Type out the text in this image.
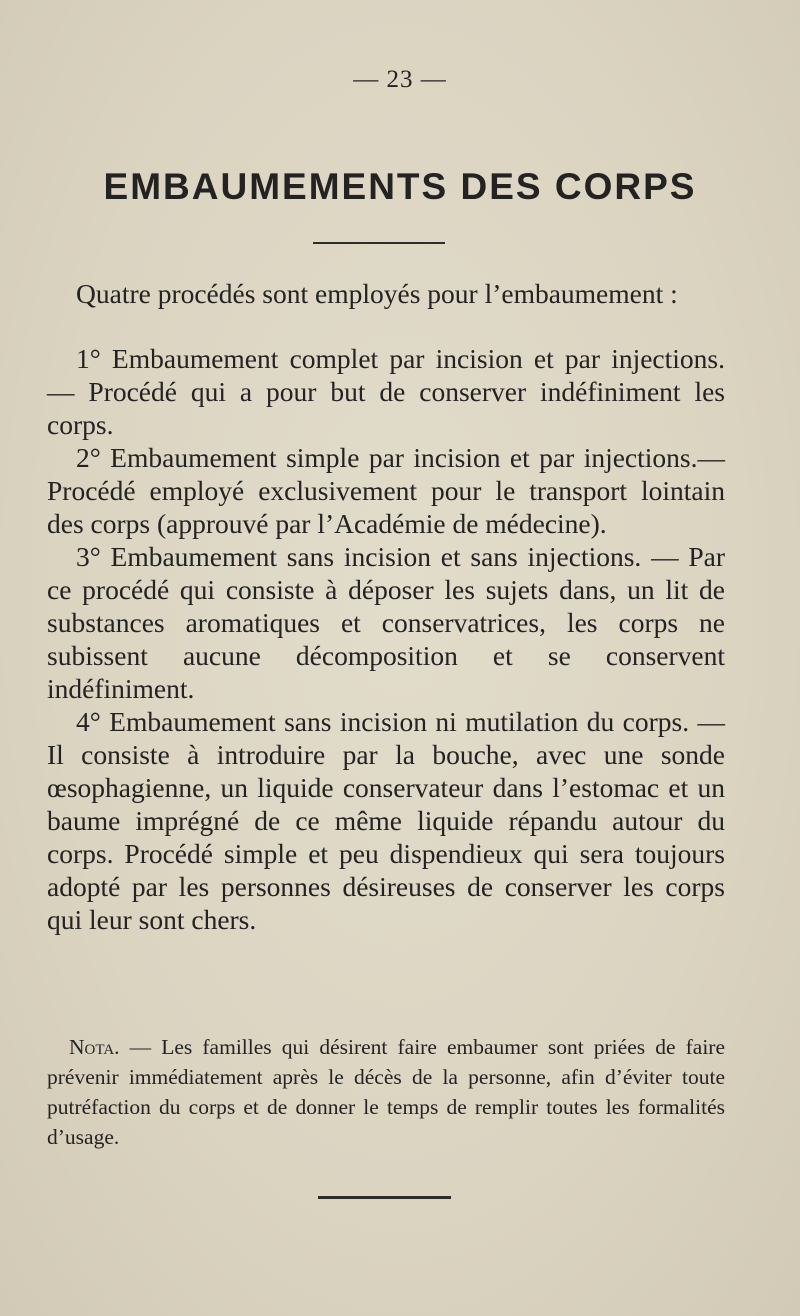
— 23 —
EMBAUMEMENTS DES CORPS

Quatre procédés sont employés pour l’embaumement :

1° Embaumement complet par incision et par injections. — Procédé qui a pour but de conserver indéfiniment les corps.

2° Embaumement simple par incision et par injections.— Procédé employé exclusivement pour le transport lointain des corps (approuvé par l’Académie de médecine).

3° Embaumement sans incision et sans injections. — Par ce procédé qui consiste à déposer les sujets dans, un lit de substances aromatiques et conservatrices, les corps ne subissent aucune décomposition et se conservent indéfiniment.

4° Embaumement sans incision ni mutilation du corps. — Il consiste à introduire par la bouche, avec une sonde œsophagienne, un liquide conservateur dans l’estomac et un baume imprégné de ce même liquide répandu autour du corps. Procédé simple et peu dispendieux qui sera toujours adopté par les personnes désireuses de conserver les corps qui leur sont chers.

Nota. — Les familles qui désirent faire embaumer sont priées de faire prévenir immédiatement après le décès de la personne, afin d’éviter toute putréfaction du corps et de donner le temps de remplir toutes les formalités d’usage.
